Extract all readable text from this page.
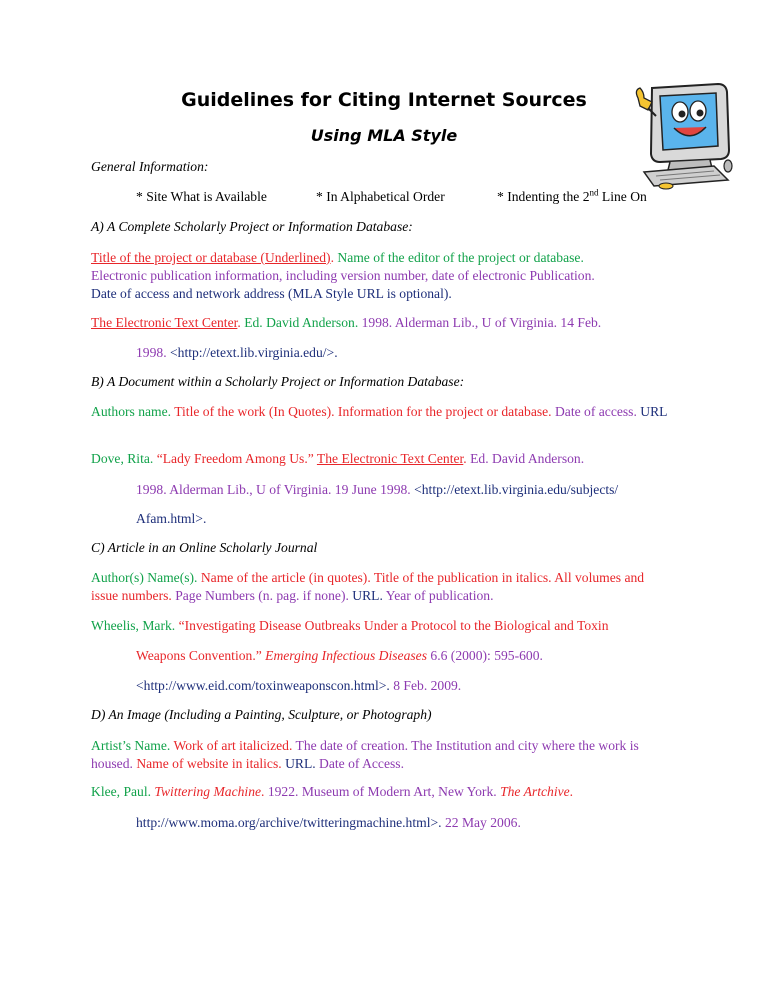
Guidelines for Citing Internet Sources
Using MLA Style
General Information:
* Site What is Available	* In Alphabetical Order	* Indenting the 2nd Line On
A) A Complete Scholarly Project or Information Database:
Title of the project or database (Underlined). Name of the editor of the project or database.
Electronic publication information, including version number, date of electronic Publication.
Date of access and network address (MLA Style URL is optional).
The Electronic Text Center. Ed. David Anderson. 1998. Alderman Lib., U of Virginia. 14 Feb.
1998. <http://etext.lib.virginia.edu/>.
B) A Document within a Scholarly Project or Information Database:
Authors name. Title of the work (In Quotes). Information for the project or database. Date of access. URL
Dove, Rita. “Lady Freedom Among Us.” The Electronic Text Center. Ed. David Anderson.
1998. Alderman Lib., U of Virginia. 19 June 1998. <http://etext.lib.virginia.edu/subjects/
Afam.html>.
C) Article in an Online Scholarly Journal
Author(s) Name(s). Name of the article (in quotes). Title of the publication in italics. All volumes and issue numbers. Page Numbers (n. pag. if none). URL. Year of publication.
Wheelis, Mark. “Investigating Disease Outbreaks Under a Protocol to the Biological and Toxin
Weapons Convention.” Emerging Infectious Diseases 6.6 (2000): 595-600.
<http://www.eid.com/toxinweaponscon.html>. 8 Feb. 2009.
D) An Image (Including a Painting, Sculpture, or Photograph)
Artist’s Name. Work of art italicized. The date of creation. The Institution and city where the work is housed. Name of website in italics. URL. Date of Access.
Klee, Paul. Twittering Machine. 1922. Museum of Modern Art, New York. The Artchive.
http://www.moma.org/archive/twitteringmachine.html>. 22 May 2006.
